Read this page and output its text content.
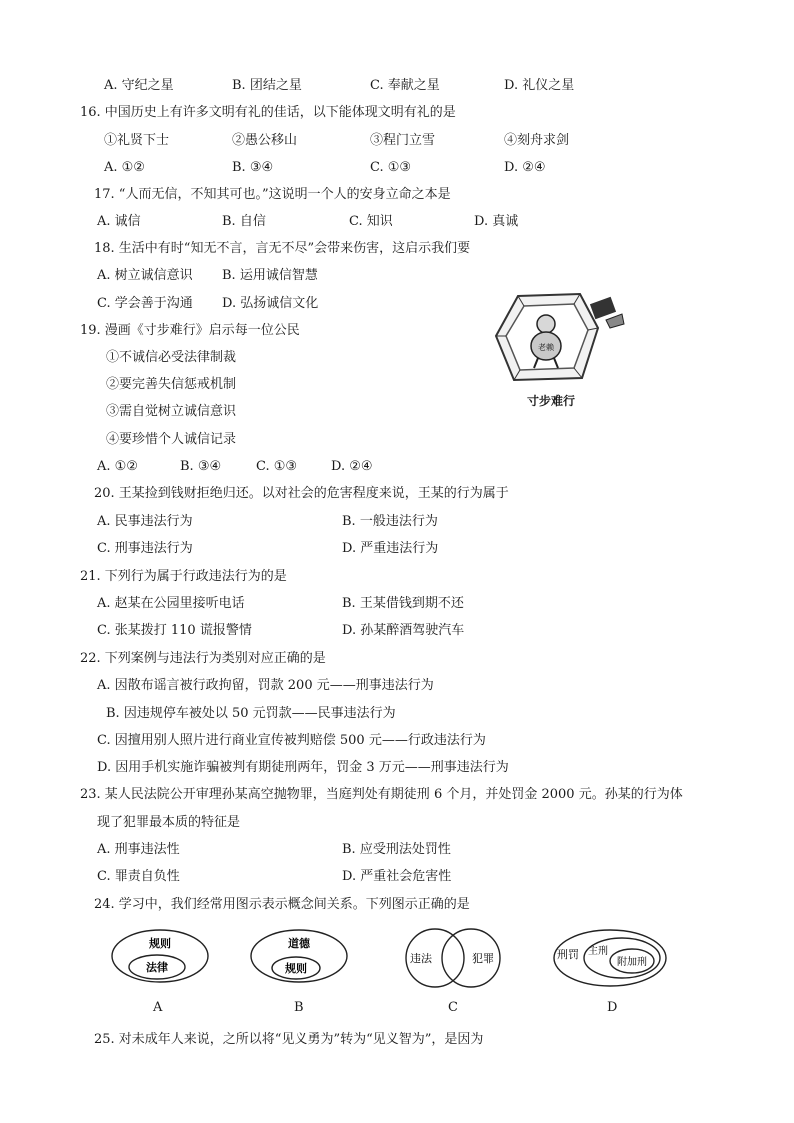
A. 守纪之星	B. 团结之星	C. 奉献之星	D. 礼仪之星
16. 中国历史上有许多文明有礼的佳话，以下能体现文明有礼的是
①礼贤下士	②愚公移山	③程门立雪	④刻舟求剑
A. ①②	B. ③④	C. ①③	D. ②④
17. “人而无信，不知其可也。”这说明一个人的安身立命之本是
A. 诚信	B. 自信	C. 知识	D. 真诚
18. 生活中有时“知无不言，言无不尽”会带来伤害，这启示我们要
A. 树立诚信意识 B. 运用诚信智慧
C. 学会善于沟通 D. 弘扬诚信文化
19. 漫画《寸步难行》启示每一位公民
①不诚信必受法律制裁
②要完善失信惩戒机制
③需自觉树立诚信意识
④要珍惜个人诚信记录
A. ①②	B. ③④	C. ①③	D. ②④
老赖
寸步难行
20. 王某捡到钱财拒绝归还。以对社会的危害程度来说，王某的行为属于
A. 民事违法行为	B. 一般违法行为
C. 刑事违法行为	D. 严重违法行为
21. 下列行为属于行政违法行为的是
A. 赵某在公园里接听电话	B. 王某借钱到期不还
C. 张某拨打 110 谎报警情	D. 孙某醉酒驾驶汽车
22. 下列案例与违法行为类别对应正确的是
A. 因散布谣言被行政拘留，罚款 200 元——刑事违法行为
B. 因违规停车被处以 50 元罚款——民事违法行为
C. 因擅用别人照片进行商业宣传被判赔偿 500 元——行政违法行为
D. 因用手机实施诈骗被判有期徒刑两年，罚金 3 万元——刑事违法行为
23. 某人民法院公开审理孙某高空抛物罪，当庭判处有期徒刑 6 个月，并处罚金 2000 元。孙某的行为体
现了犯罪最本质的特征是
A. 刑事违法性	B. 应受刑法处罚性
C. 罪责自负性	D. 严重社会危害性
24. 学习中，我们经常用图示表示概念间关系。下列图示正确的是
规则
法律
A
道德
规则
B
违法	犯罪
C
刑罚 主刑
附加刑
D
25. 对未成年人来说，之所以将“见义勇为”转为“见义智为”，是因为
